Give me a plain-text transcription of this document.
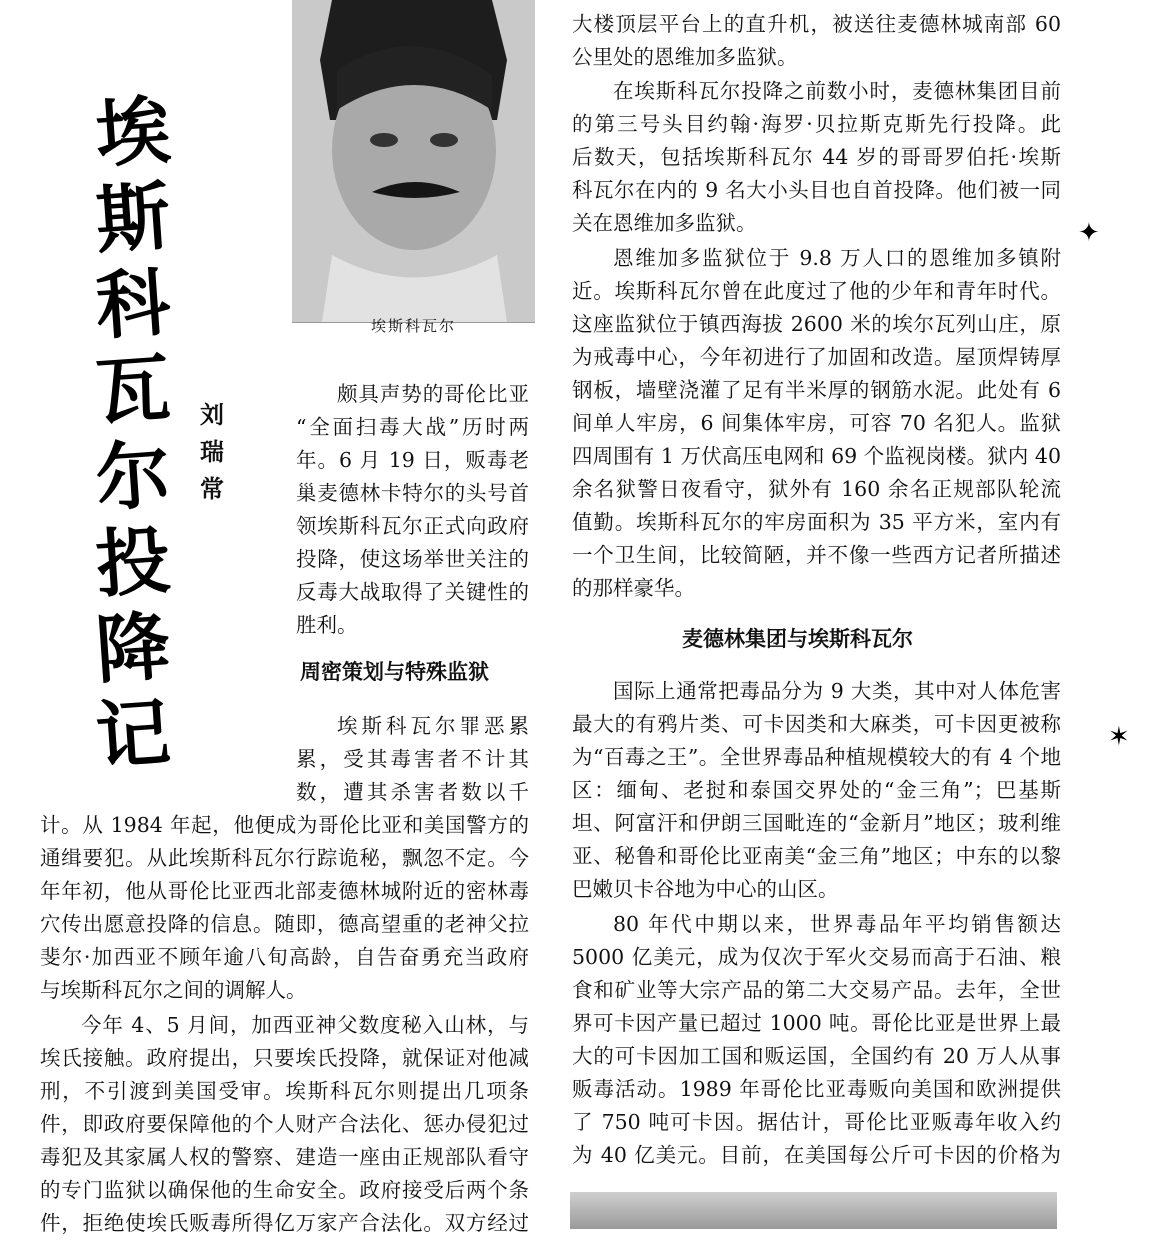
埃
斯
科
瓦
尔
投
降
记
刘
瑞
常
埃斯科瓦尔

颇具声势的哥伦比亚

“全面扫毒大战”历时两

年。6 月 19 日，贩毒老

巢麦德林卡特尔的头号首

领埃斯科瓦尔正式向政府

投降，使这场举世关注的

反毒大战取得了关键性的

胜利。

周密策划与特殊监狱

埃斯科瓦尔罪恶累

累，受其毒害者不计其

数，遭其杀害者数以千

计。从 1984 年起，他便成为哥伦比亚和美国警方的

通缉要犯。从此埃斯科瓦尔行踪诡秘，飘忽不定。今

年年初，他从哥伦比亚西北部麦德林城附近的密林毒

穴传出愿意投降的信息。随即，德高望重的老神父拉

斐尔·加西亚不顾年逾八旬高龄，自告奋勇充当政府

与埃斯科瓦尔之间的调解人。

今年 4、5 月间，加西亚神父数度秘入山林，与

埃氏接触。政府提出，只要埃氏投降，就保证对他减

刑，不引渡到美国受审。埃斯科瓦尔则提出几项条

件，即政府要保障他的个人财产合法化、惩办侵犯过

毒犯及其家属人权的警察、建造一座由正规部队看守

的专门监狱以确保他的生命安全。政府接受后两个条

件，拒绝使埃氏贩毒所得亿万家产合法化。双方经过

大楼顶层平台上的直升机，被送往麦德林城南部 60

公里处的恩维加多监狱。

在埃斯科瓦尔投降之前数小时，麦德林集团目前

的第三号头目约翰·海罗·贝拉斯克斯先行投降。此

后数天，包括埃斯科瓦尔 44 岁的哥哥罗伯托·埃斯

科瓦尔在内的 9 名大小头目也自首投降。他们被一同

关在恩维加多监狱。

恩维加多监狱位于 9.8 万人口的恩维加多镇附

近。埃斯科瓦尔曾在此度过了他的少年和青年时代。

这座监狱位于镇西海拔 2600 米的埃尔瓦列山庄，原

为戒毒中心，今年初进行了加固和改造。屋顶焊铸厚

钢板，墙壁浇灌了足有半米厚的钢筋水泥。此处有 6

间单人牢房，6 间集体牢房，可容 70 名犯人。监狱

四周围有 1 万伏高压电网和 69 个监视岗楼。狱内 40

余名狱警日夜看守，狱外有 160 余名正规部队轮流

值勤。埃斯科瓦尔的牢房面积为 35 平方米，室内有

一个卫生间，比较简陋，并不像一些西方记者所描述

的那样豪华。

麦德林集团与埃斯科瓦尔

国际上通常把毒品分为 9 大类，其中对人体危害

最大的有鸦片类、可卡因类和大麻类，可卡因更被称

为“百毒之王”。全世界毒品种植规模较大的有 4 个地

区：缅甸、老挝和泰国交界处的“金三角”；巴基斯

坦、阿富汗和伊朗三国毗连的“金新月”地区；玻利维

亚、秘鲁和哥伦比亚南美“金三角”地区；中东的以黎

巴嫩贝卡谷地为中心的山区。

80 年代中期以来，世界毒品年平均销售额达

5000 亿美元，成为仅次于军火交易而高于石油、粮

食和矿业等大宗产品的第二大交易产品。去年，全世

界可卡因产量已超过 1000 吨。哥伦比亚是世界上最

大的可卡因加工国和贩运国，全国约有 20 万人从事

贩毒活动。1989 年哥伦比亚毒贩向美国和欧洲提供

了 750 吨可卡因。据估计，哥伦比亚贩毒年收入约

为 40 亿美元。目前，在美国每公斤可卡因的价格为

✦
✶
